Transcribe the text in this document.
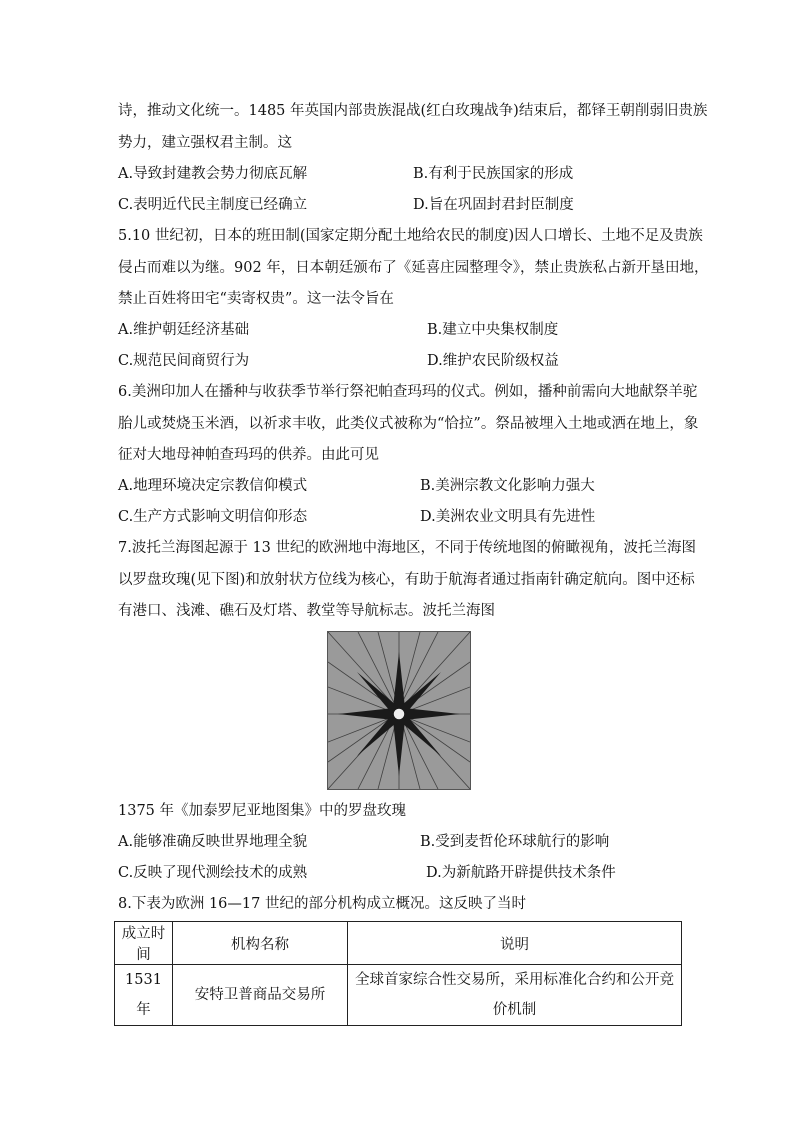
诗，推动文化统一。1485 年英国内部贵族混战(红白玫瑰战争)结束后，都铎王朝削弱旧贵族
势力，建立强权君主制。这
A.导致封建教会势力彻底瓦解	B.有利于民族国家的形成
C.表明近代民主制度已经确立	D.旨在巩固封君封臣制度
5.10 世纪初，日本的班田制(国家定期分配土地给农民的制度)因人口增长、土地不足及贵族
侵占而难以为继。902 年，日本朝廷颁布了《延喜庄园整理令》，禁止贵族私占新开垦田地，
禁止百姓将田宅“卖寄权贵”。这一法令旨在
A.维护朝廷经济基础	B.建立中央集权制度
C.规范民间商贸行为	D.维护农民阶级权益
6.美洲印加人在播种与收获季节举行祭祀帕查玛玛的仪式。例如，播种前需向大地献祭羊驼
胎儿或焚烧玉米酒，以祈求丰收，此类仪式被称为“恰拉”。祭品被埋入土地或洒在地上，象
征对大地母神帕查玛玛的供养。由此可见
A.地理环境决定宗教信仰模式	B.美洲宗教文化影响力强大
C.生产方式影响文明信仰形态	D.美洲农业文明具有先进性
7.波托兰海图起源于 13 世纪的欧洲地中海地区，不同于传统地图的俯瞰视角，波托兰海图
以罗盘玫瑰(见下图)和放射状方位线为核心，有助于航海者通过指南针确定航向。图中还标
有港口、浅滩、礁石及灯塔、教堂等导航标志。波托兰海图
1375 年《加泰罗尼亚地图集》中的罗盘玫瑰
A.能够准确反映世界地理全貌	B.受到麦哲伦环球航行的影响
C.反映了现代测绘技术的成熟	D.为新航路开辟提供技术条件
8.下表为欧洲 16—17 世纪的部分机构成立概况。这反映了当时
成立时间	机构名称	说明
1531 年	安特卫普商品交易所	全球首家综合性交易所，采用标准化合约和公开竞价机制
